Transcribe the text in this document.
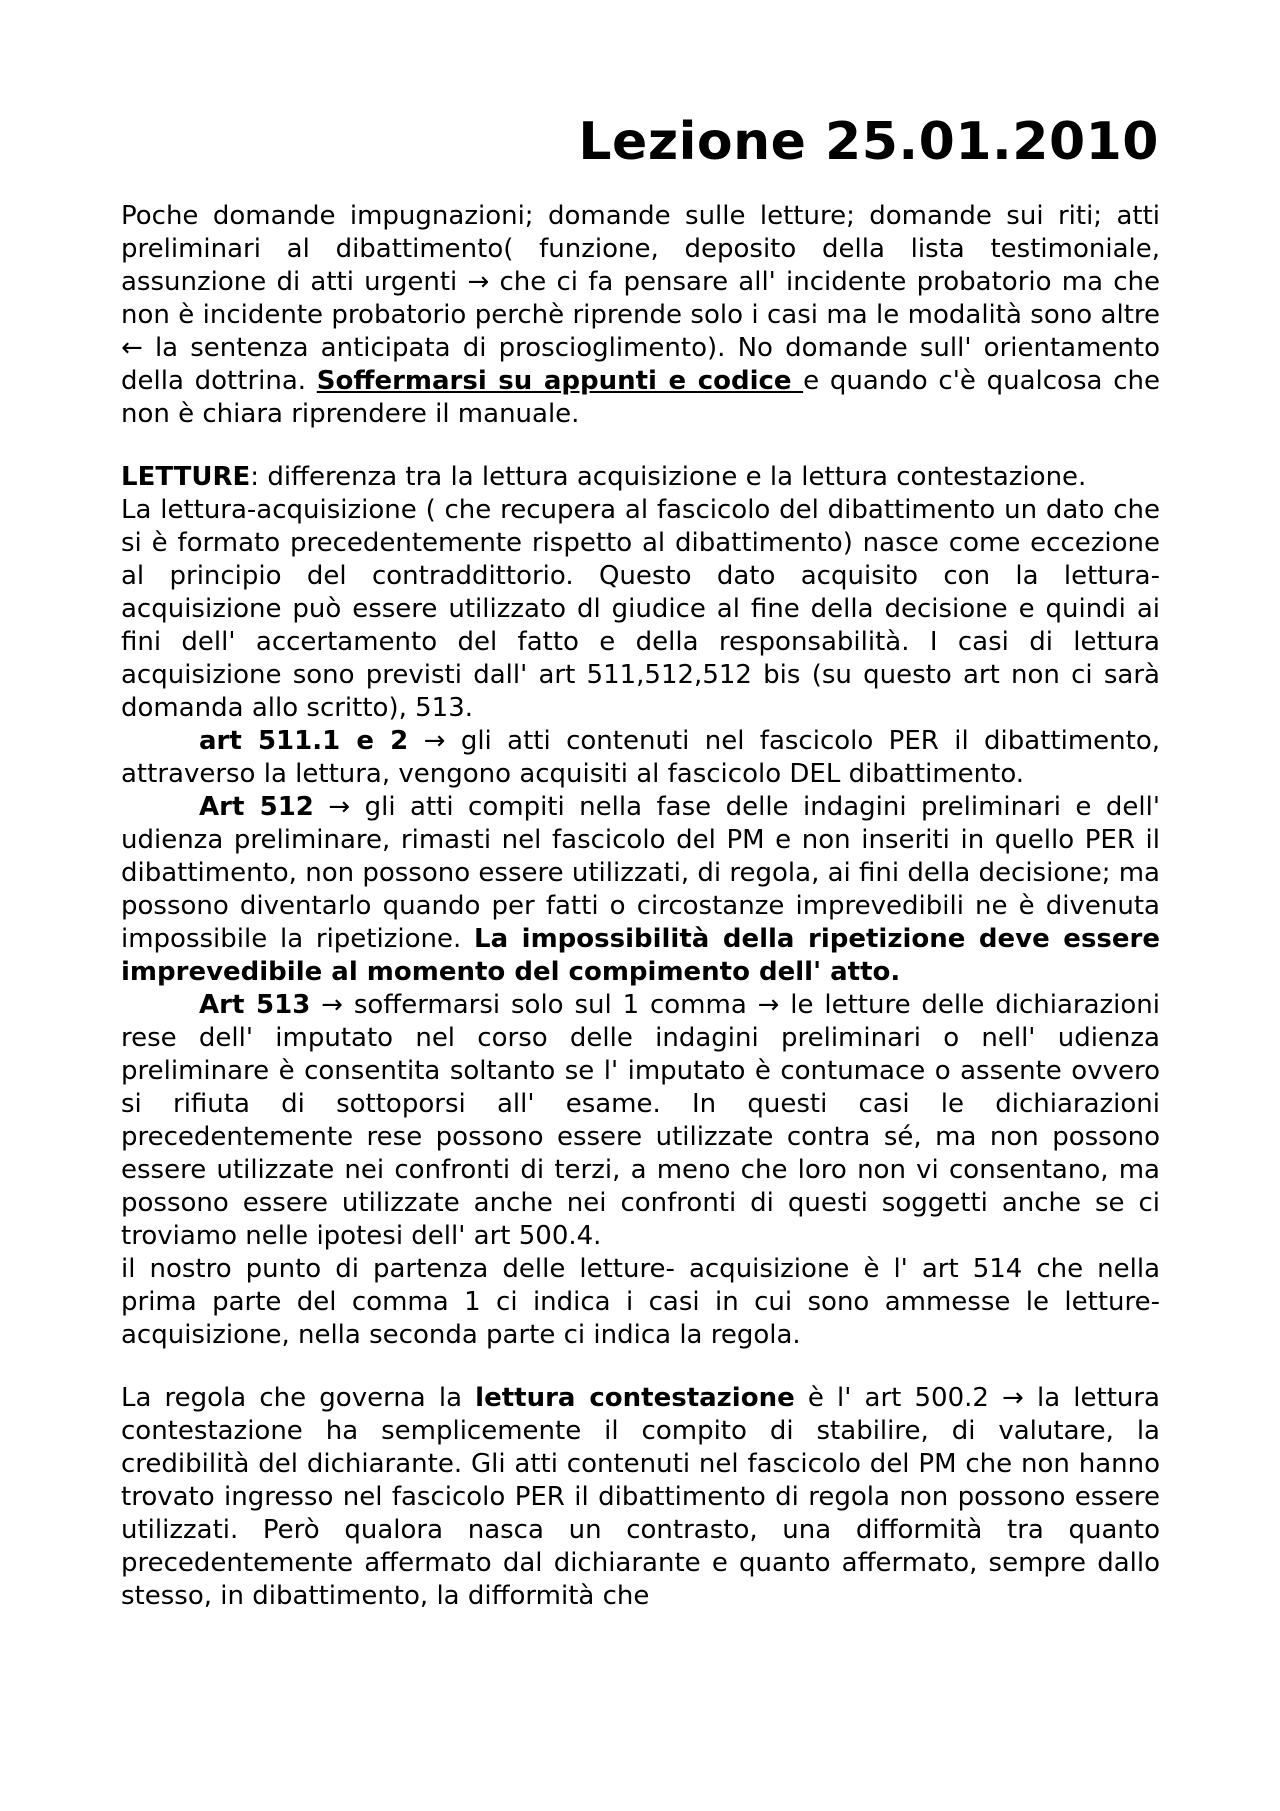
Lezione 25.01.2010

Poche domande impugnazioni; domande sulle letture; domande sui riti; atti preliminari al dibattimento( funzione, deposito della lista testimoniale, assunzione di atti urgenti → che ci fa pensare all' incidente probatorio ma che non è incidente probatorio perchè riprende solo i casi ma le modalità sono altre ← la sentenza anticipata di proscioglimento). No domande sull' orientamento della dottrina. Soffermarsi su appunti e codice e quando c'è qualcosa che non è chiara riprendere il manuale.

LETTURE: differenza tra la lettura acquisizione e la lettura contestazione.

La lettura-acquisizione ( che recupera al fascicolo del dibattimento un dato che si è formato precedentemente rispetto al dibattimento) nasce come eccezione al principio del contraddittorio. Questo dato acquisito con la lettura- acquisizione può essere utilizzato dl giudice al fine della decisione e quindi ai fini dell' accertamento del fatto e della responsabilità. I casi di lettura acquisizione sono previsti dall' art 511,512,512 bis (su questo art non ci sarà domanda allo scritto), 513.

art 511.1 e 2 → gli atti contenuti nel fascicolo PER il dibattimento, attraverso la lettura, vengono acquisiti al fascicolo DEL dibattimento.

Art 512 → gli atti compiti nella fase delle indagini preliminari e dell' udienza preliminare, rimasti nel fascicolo del PM e non inseriti in quello PER il dibattimento, non possono essere utilizzati, di regola, ai fini della decisione; ma possono diventarlo quando per fatti o circostanze imprevedibili ne è divenuta impossibile la ripetizione. La impossibilità della ripetizione deve essere imprevedibile al momento del compimento dell' atto.

Art 513 → soffermarsi solo sul 1 comma → le letture delle dichiarazioni rese dell' imputato nel corso delle indagini preliminari o nell' udienza preliminare è consentita soltanto se l' imputato è contumace o assente ovvero si rifiuta di sottoporsi all' esame. In questi casi le dichiarazioni precedentemente rese possono essere utilizzate contra sé, ma non possono essere utilizzate nei confronti di terzi, a meno che loro non vi consentano, ma possono essere utilizzate anche nei confronti di questi soggetti anche se ci troviamo nelle ipotesi dell' art 500.4.

il nostro punto di partenza delle letture- acquisizione è l' art 514 che nella prima parte del comma 1 ci indica i casi in cui sono ammesse le letture-acquisizione, nella seconda parte ci indica la regola.

La regola che governa la lettura contestazione è l' art 500.2 → la lettura contestazione ha semplicemente il compito di stabilire, di valutare, la credibilità del dichiarante. Gli atti contenuti nel fascicolo del PM che non hanno trovato ingresso nel fascicolo PER il dibattimento di regola non possono essere utilizzati. Però qualora nasca un contrasto, una difformità tra quanto precedentemente affermato dal dichiarante e quanto affermato, sempre dallo stesso, in dibattimento, la difformità che
